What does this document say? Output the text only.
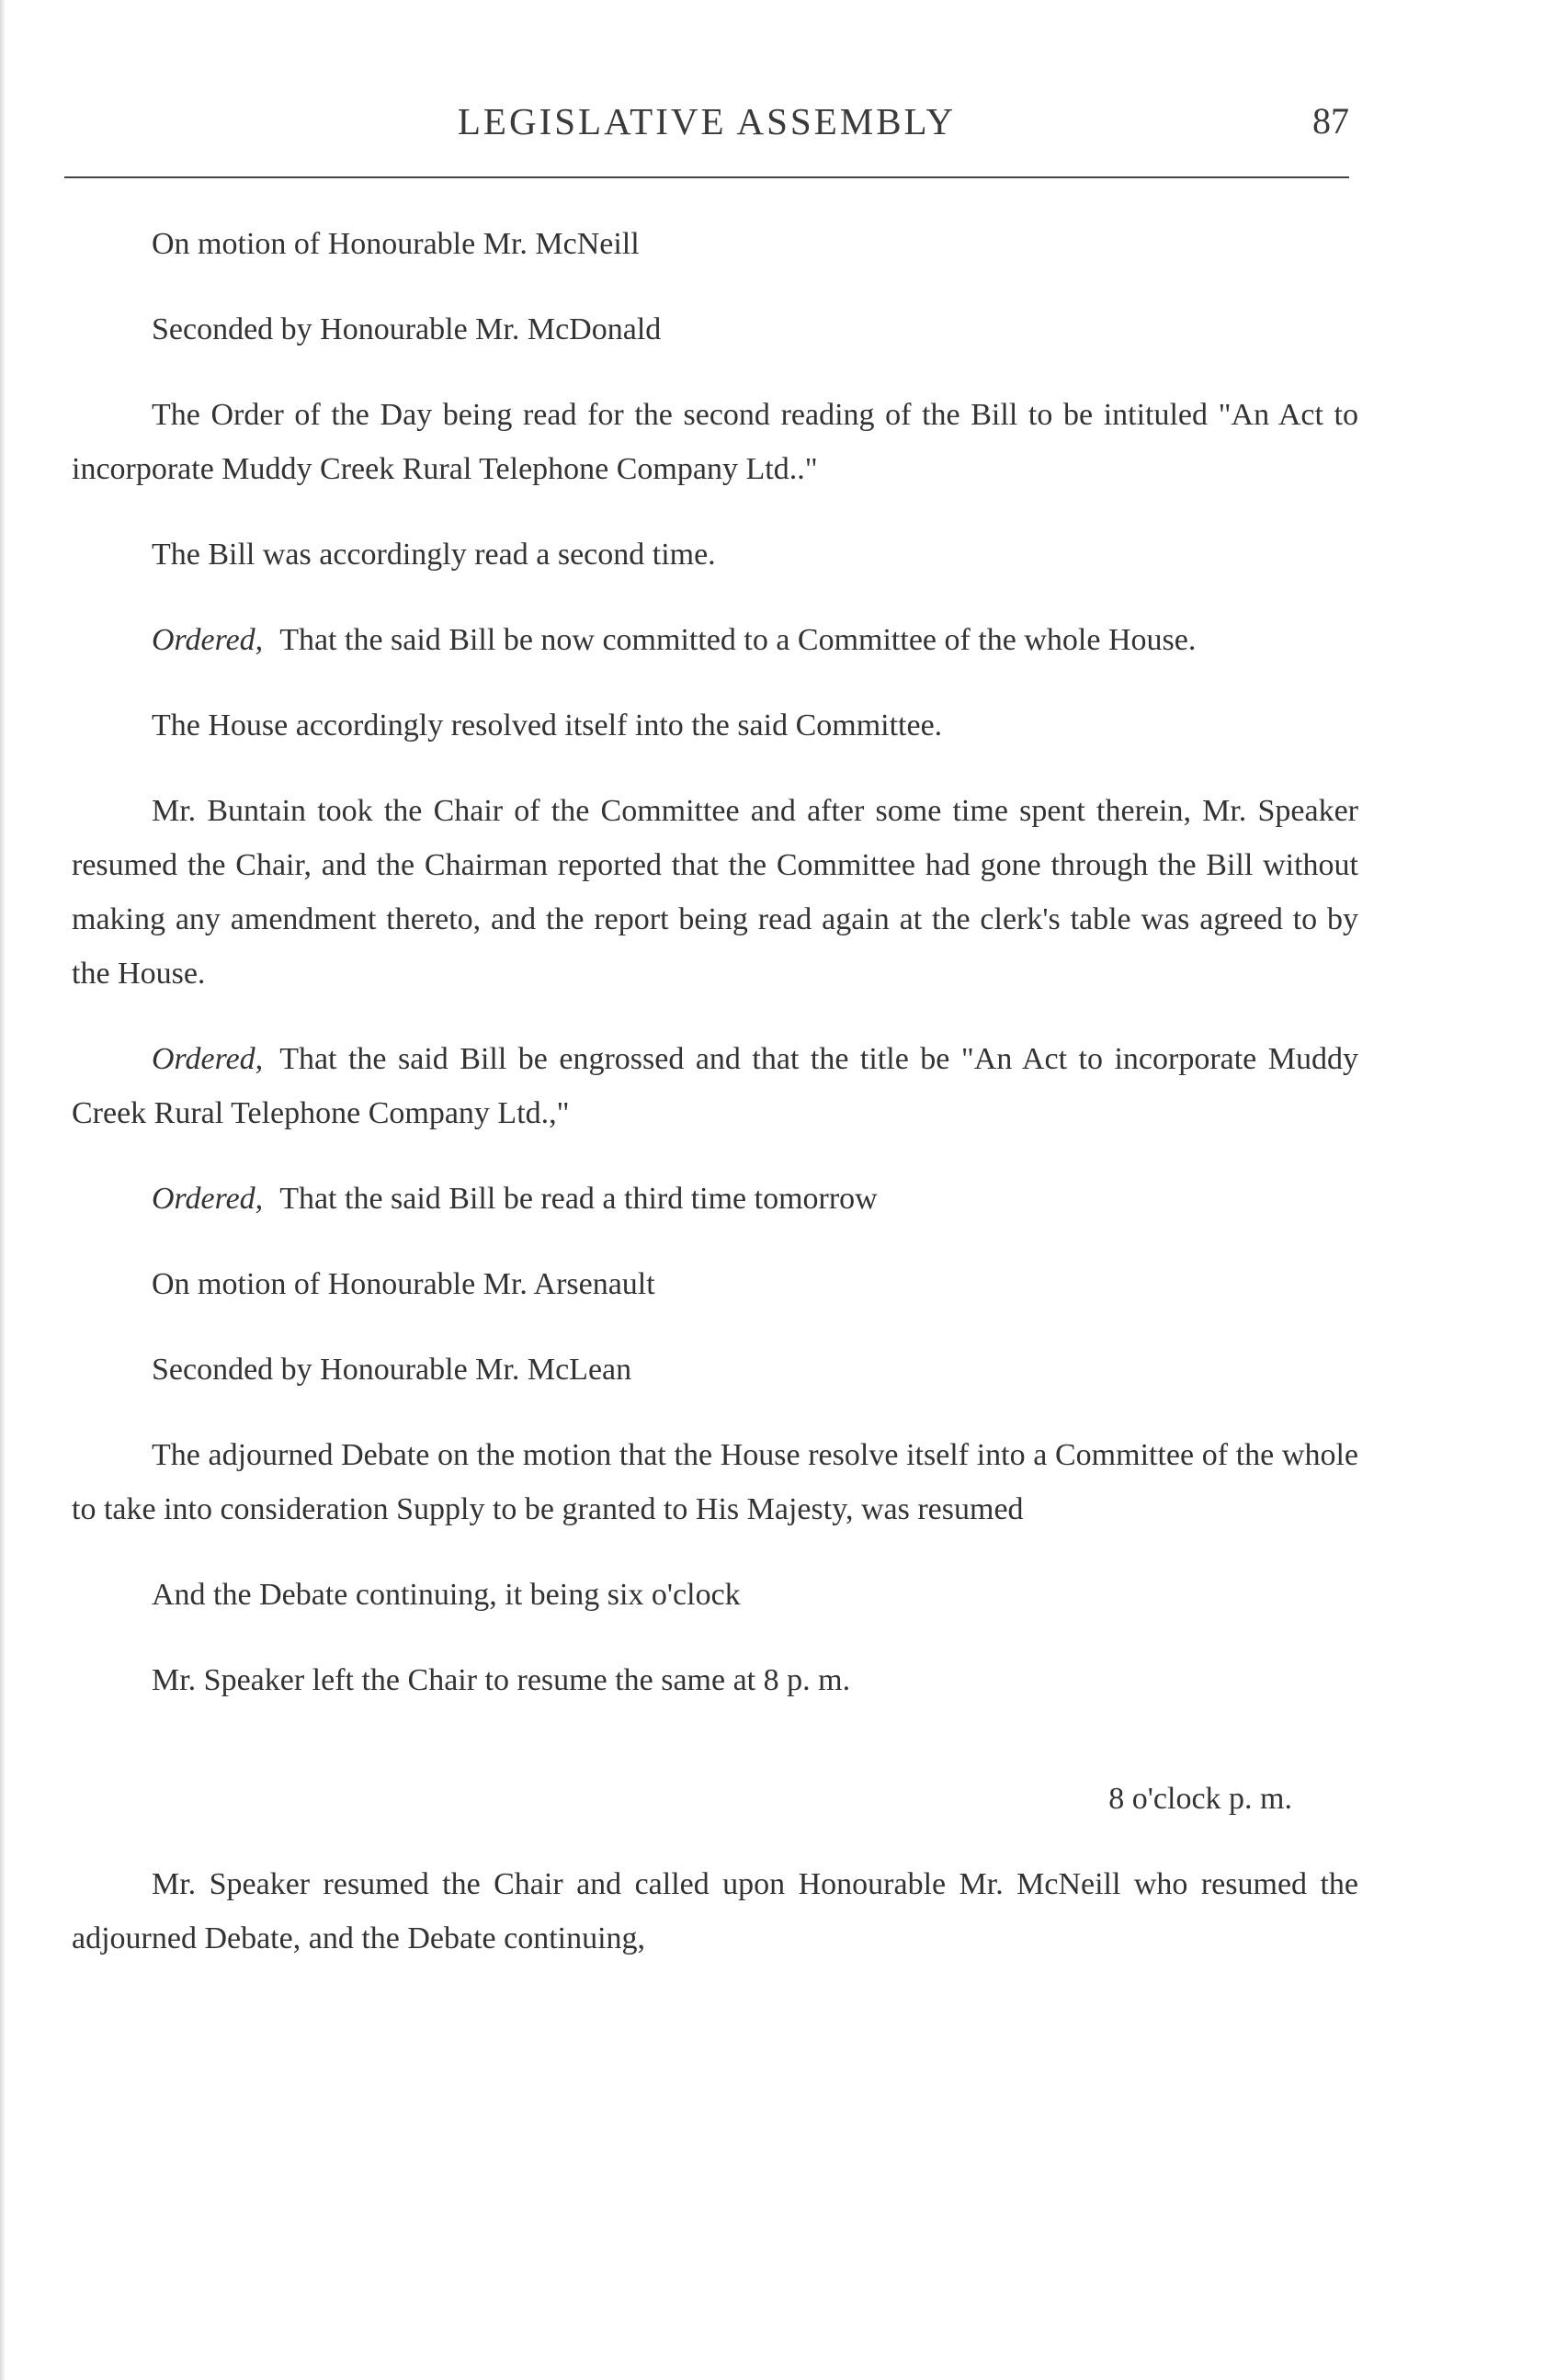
LEGISLATIVE ASSEMBLY	87

On motion of Honourable Mr. McNeill

Seconded by Honourable Mr. McDonald

The Order of the Day being read for the second reading of the Bill to be intituled "An Act to incorporate Muddy Creek Rural Telephone Company Ltd.."

The Bill was accordingly read a second time.

Ordered, That the said Bill be now committed to a Committee of the whole House.

The House accordingly resolved itself into the said Committee.

Mr. Buntain took the Chair of the Committee and after some time spent therein, Mr. Speaker resumed the Chair, and the Chairman reported that the Committee had gone through the Bill without making any amendment thereto, and the report being read again at the clerk's table was agreed to by the House.

Ordered, That the said Bill be engrossed and that the title be "An Act to incorporate Muddy Creek Rural Telephone Company Ltd.,"

Ordered, That the said Bill be read a third time tomorrow

On motion of Honourable Mr. Arsenault

Seconded by Honourable Mr. McLean

The adjourned Debate on the motion that the House resolve itself into a Committee of the whole to take into consideration Supply to be granted to His Majesty, was resumed

And the Debate continuing, it being six o'clock

Mr. Speaker left the Chair to resume the same at 8 p. m.

8 o'clock p. m.

Mr. Speaker resumed the Chair and called upon Honourable Mr. McNeill who resumed the adjourned Debate, and the Debate continuing,
